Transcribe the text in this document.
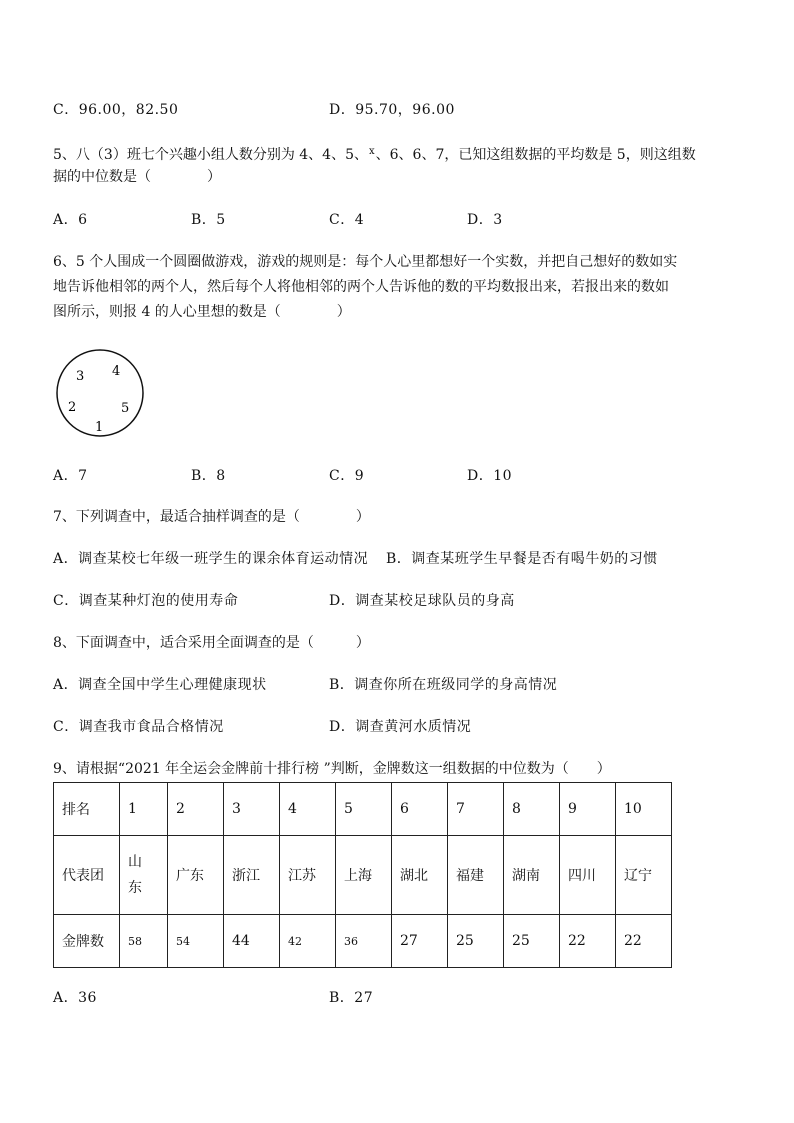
C．96.00，82.50	D．95.70，96.00
5、八（3）班七个兴趣小组人数分别为 4、4、5、$^x$、6、6、7，已知这组数据的平均数是 5，则这组数
据的中位数是（　　　　）
A．6	B．5	C．4	D．3
6、5 个人围成一个圆圈做游戏，游戏的规则是：每个人心里都想好一个实数，并把自己想好的数如实
地告诉他相邻的两个人，然后每个人将他相邻的两个人告诉他的数的平均数报出来，若报出来的数如
图所示，则报 4 的人心里想的数是（　　　　）
3 4
2	5
1
A．7	B．8	C．9	D．10
7、下列调查中，最适合抽样调查的是（　　　　）
A．调查某校七年级一班学生的课余体育运动情况 B．调查某班学生早餐是否有喝牛奶的习惯
C．调查某种灯泡的使用寿命	D．调查某校足球队员的身高
8、下面调查中，适合采用全面调查的是（　　　）
A．调查全国中学生心理健康现状	B．调查你所在班级同学的身高情况
C．调查我市食品合格情况	D．调查黄河水质情况
9、请根据“2021 年全运会金牌前十排行榜 ”判断，金牌数这一组数据的中位数为（　　）
排名	1	2	3	4	5	6	7	8	9	10
代表团	山
东	广东	浙江	江苏	上海	湖北	福建	湖南	四川	辽宁
金牌数	58	54	44	42	36	27	25	25	22	22
A．36	B．27
